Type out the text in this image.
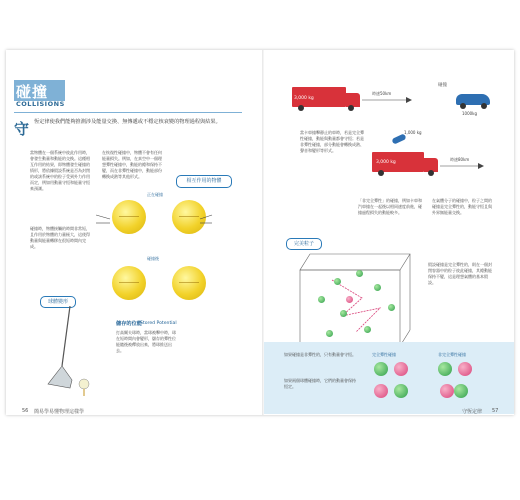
碰撞
COLLISIONS
守 恆定律使我們能夠推測涉及能量交換、無傳遞或不穩定核衰變的物理過程與結果。
當物體在一個系統中彼此作用時，會發生動量和動能的交換。這種相互作用的結果，即物體發生碰撞的情形，將依據假設系統是否為封閉的或該系統中的粒子受到外力作用而定，例如用動量守恆和能量守恆來預測。
在恢復性碰撞中，物體不會有任何能量損失。例如，在真空中一個理想彈性碰撞中，動能的總和保持不變，而在非彈性碰撞中，動能部份轉換成熱等其他形式。
碰撞時，物體接觸的時間非常短，且作用於物體的力量極大，這使得動量與能量轉移在很短時間內完成。
相互作用的物體
正在碰撞
碰撞後
球體變形
儲存的位能
Stored Potential
打高爾夫球時，當球被擊中時，球在短時間內會變形，儲存的彈性位能隨後被釋放出來，將球推送出去。
56 簡易學易懂物理這樣學
3,000 kg
時速50km
1000kg
碰撞
當卡車撞擊靜止的車時，若是完全彈性碰撞，動能與動量都會守恆；若是非彈性碰撞，部分動能會轉換成熱、聲音和變形等形式。
1,000 kg
3,000 kg
時速80km
「非完全彈性」的碰撞，例如卡車和汽車撞在一起後以相同速度前進，碰撞過程損失的動能較多。
在氣體分子的碰撞中，粒子之間的碰撞是完全彈性的，動能守恆且與外界無能量交換。
完美粒子
假設碰撞是完全彈性的，則在一個封閉容器中的粒子彼此碰撞，其總動能保持不變，這是理想氣體的基本假設。
如果碰撞是非彈性的，只有動量會守恆。
如果兩個球體碰撞時，它們的動量會保持恆定。
完全彈性碰撞	非完全彈性碰撞
守恆定律 57
